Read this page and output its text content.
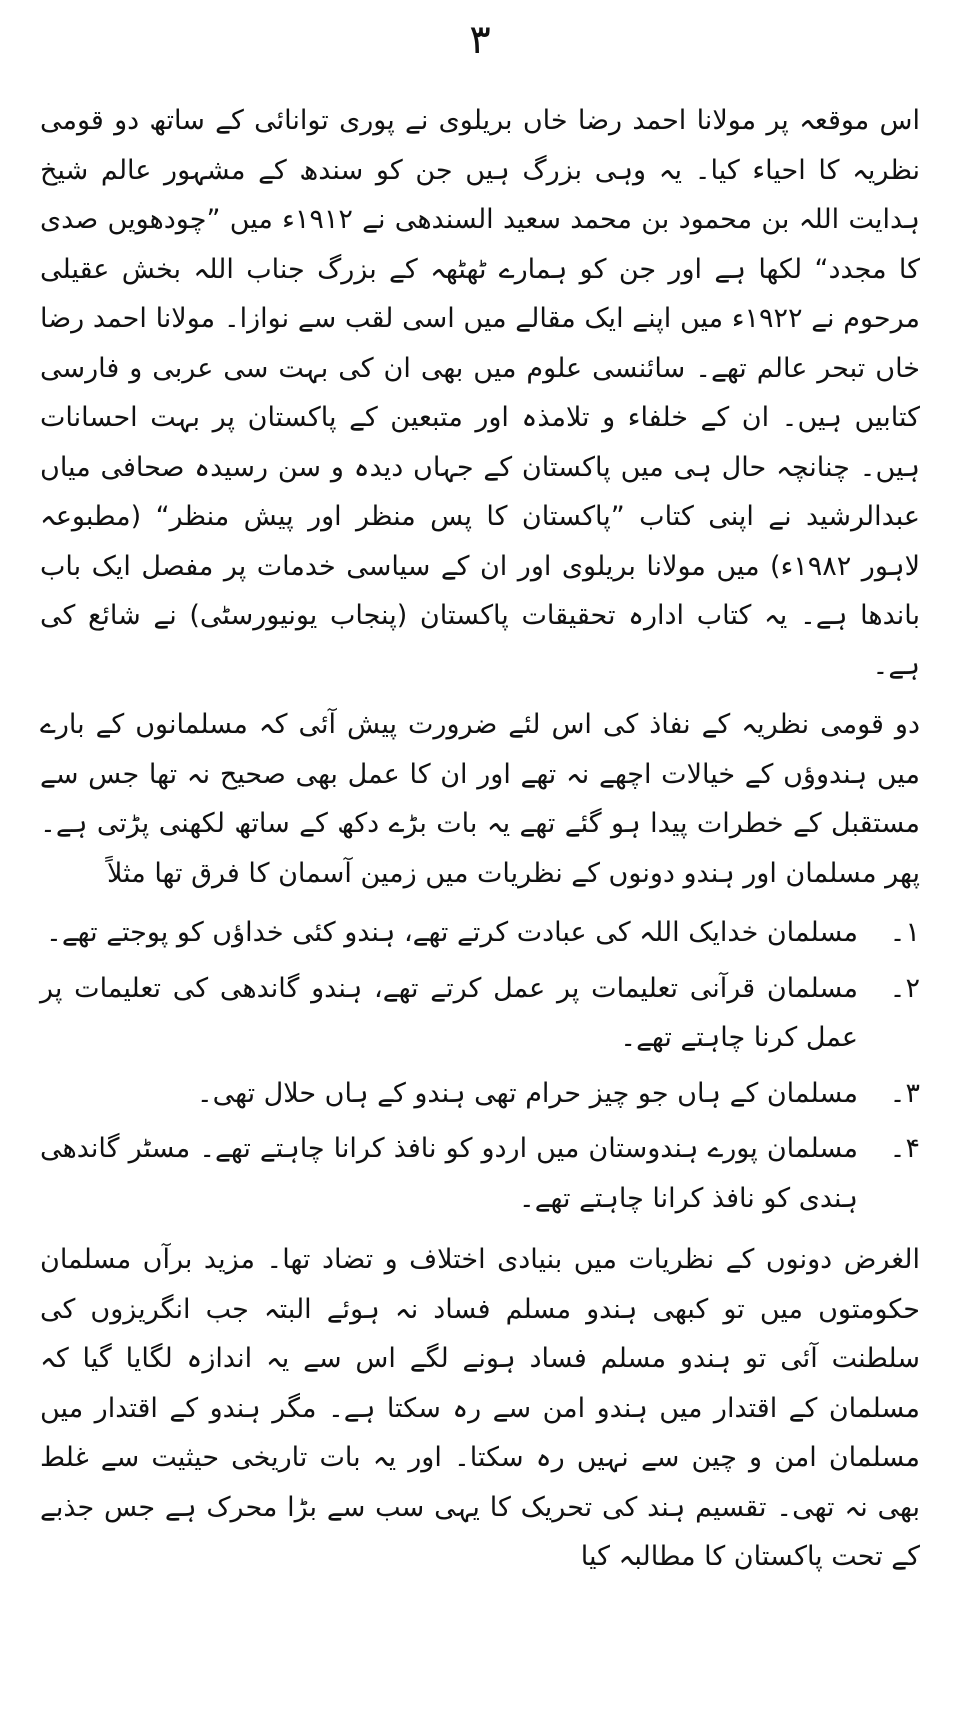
۳

اس موقعہ پر مولانا احمد رضا خاں بریلوی نے پوری توانائی کے ساتھ دو قومی نظریہ کا احیاء کیا۔ یہ وہی بزرگ ہیں جن کو سندھ کے مشہور عالم شیخ ہدایت اللہ بن محمود بن محمد سعید السندھی نے ۱۹۱۲ء میں ”چودھویں صدی کا مجدد“ لکھا ہے اور جن کو ہمارے ٹھٹھہ کے بزرگ جناب اللہ بخش عقیلی مرحوم نے ۱۹۲۲ء میں اپنے ایک مقالے میں اسی لقب سے نوازا۔ مولانا احمد رضا خاں تبحر عالم تھے۔ سائنسی علوم میں بھی ان کی بہت سی عربی و فارسی کتابیں ہیں۔ ان کے خلفاء و تلامذہ اور متبعین کے پاکستان پر بہت احسانات ہیں۔ چنانچہ حال ہی میں پاکستان کے جہاں دیدہ و سن رسیدہ صحافی میاں عبدالرشید نے اپنی کتاب ”پاکستان کا پس منظر اور پیش منظر“ (مطبوعہ لاہور ۱۹۸۲ء) میں مولانا بریلوی اور ان کے سیاسی خدمات پر مفصل ایک باب باندھا ہے۔ یہ کتاب ادارہ تحقیقات پاکستان (پنجاب یونیورسٹی) نے شائع کی ہے۔

دو قومی نظریہ کے نفاذ کی اس لئے ضرورت پیش آئی کہ مسلمانوں کے بارے میں ہندوؤں کے خیالات اچھے نہ تھے اور ان کا عمل بھی صحیح نہ تھا جس سے مستقبل کے خطرات پیدا ہو گئے تھے یہ بات بڑے دکھ کے ساتھ لکھنی پڑتی ہے۔ پھر مسلمان اور ہندو دونوں کے نظریات میں زمین آسمان کا فرق تھا مثلاً

۱۔
مسلمان خدایک اللہ کی عبادت کرتے تھے، ہندو کئی خداؤں کو پوجتے تھے۔
۲۔
مسلمان قرآنی تعلیمات پر عمل کرتے تھے، ہندو گاندھی کی تعلیمات پر عمل کرنا چاہتے تھے۔
۳۔
مسلمان کے ہاں جو چیز حرام تھی ہندو کے ہاں حلال تھی۔
۴۔
مسلمان پورے ہندوستان میں اردو کو نافذ کرانا چاہتے تھے۔ مسٹر گاندھی ہندی کو نافذ کرانا چاہتے تھے۔

الغرض دونوں کے نظریات میں بنیادی اختلاف و تضاد تھا۔ مزید برآں مسلمان حکومتوں میں تو کبھی ہندو مسلم فساد نہ ہوئے البتہ جب انگریزوں کی سلطنت آئی تو ہندو مسلم فساد ہونے لگے اس سے یہ اندازہ لگایا گیا کہ مسلمان کے اقتدار میں ہندو امن سے رہ سکتا ہے۔ مگر ہندو کے اقتدار میں مسلمان امن و چین سے نہیں رہ سکتا۔ اور یہ بات تاریخی حیثیت سے غلط بھی نہ تھی۔ تقسیم ہند کی تحریک کا یہی سب سے بڑا محرک ہے جس جذبے کے تحت پاکستان کا مطالبہ کیا
